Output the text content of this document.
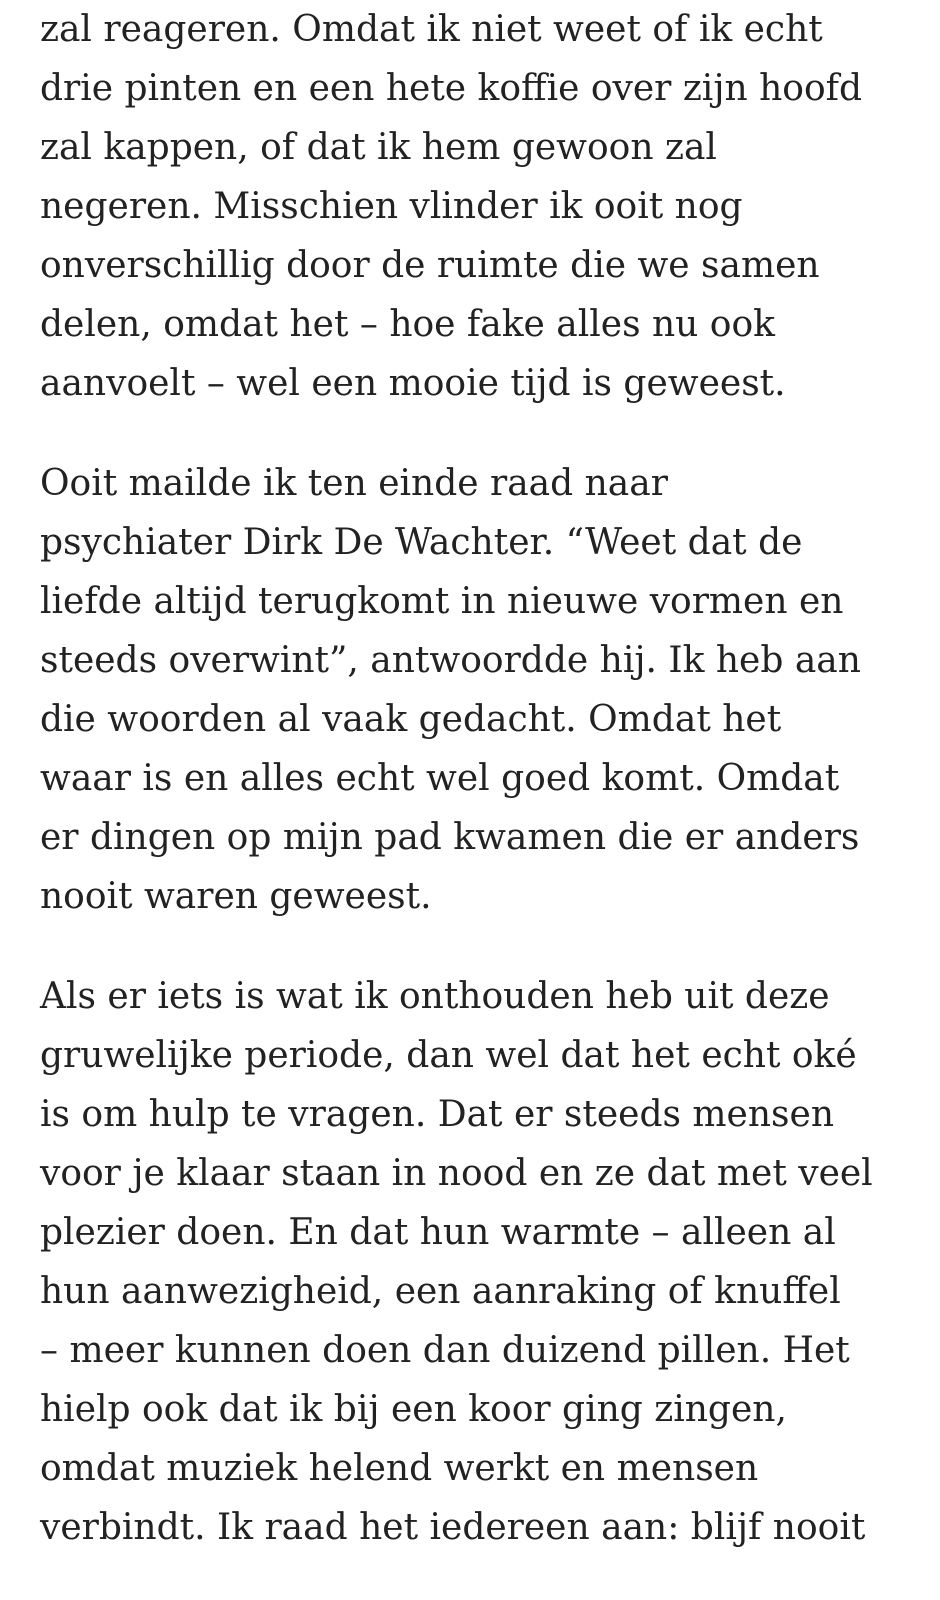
zal reageren. Omdat ik niet weet of ik echt
drie pinten en een hete koffie over zijn hoofd
zal kappen, of dat ik hem gewoon zal
negeren. Misschien vlinder ik ooit nog
onverschillig door de ruimte die we samen
delen, omdat het – hoe fake alles nu ook
aanvoelt – wel een mooie tijd is geweest.

Ooit mailde ik ten einde raad naar
psychiater Dirk De Wachter. “Weet dat de
liefde altijd terugkomt in nieuwe vormen en
steeds overwint”, antwoordde hij. Ik heb aan
die woorden al vaak gedacht. Omdat het
waar is en alles echt wel goed komt. Omdat
er dingen op mijn pad kwamen die er anders
nooit waren geweest.

Als er iets is wat ik onthouden heb uit deze
gruwelijke periode, dan wel dat het echt oké
is om hulp te vragen. Dat er steeds mensen
voor je klaar staan in nood en ze dat met veel
plezier doen. En dat hun warmte – alleen al
hun aanwezigheid, een aanraking of knuffel
– meer kunnen doen dan duizend pillen. Het
hielp ook dat ik bij een koor ging zingen,
omdat muziek helend werkt en mensen
verbindt. Ik raad het iedereen aan: blijf nooit
